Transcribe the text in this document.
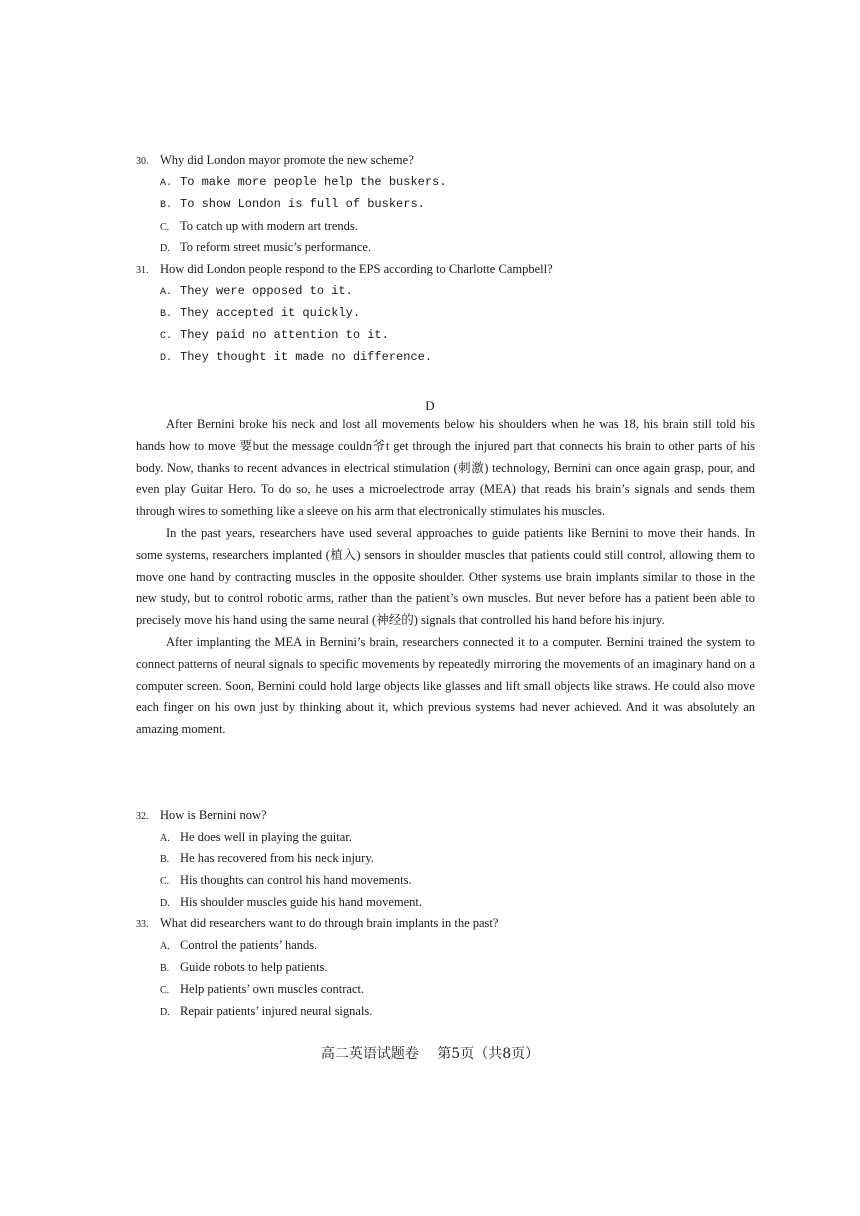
30. Why did London mayor promote the new scheme?
A. To make more people help the buskers.
B. To show London is full of buskers.
C. To catch up with modern art trends.
D. To reform street music’s performance.
31. How did London people respond to the EPS according to Charlotte Campbell?
A. They were opposed to it.
B. They accepted it quickly.
C. They paid no attention to it.
D. They thought it made no difference.
D

After Bernini broke his neck and lost all movements below his shoulders when he was 18, his brain still told his hands how to move 要but the message couldn爷t get through the injured part that connects his brain to other parts of his body. Now, thanks to recent advances in electrical stimulation (刺激) technology, Bernini can once again grasp, pour, and even play Guitar Hero. To do so, he uses a microelectrode array (MEA) that reads his brain’s signals and sends them through wires to something like a sleeve on his arm that electronically stimulates his muscles.

In the past years, researchers have used several approaches to guide patients like Bernini to move their hands. In some systems, researchers implanted (植入) sensors in shoulder muscles that patients could still control, allowing them to move one hand by contracting muscles in the opposite shoulder. Other systems use brain implants similar to those in the new study, but to control robotic arms, rather than the patient’s own muscles. But never before has a patient been able to precisely move his hand using the same neural (神经的) signals that controlled his hand before his injury.

After implanting the MEA in Bernini’s brain, researchers connected it to a computer. Bernini trained the system to connect patterns of neural signals to specific movements by repeatedly mirroring the movements of an imaginary hand on a computer screen. Soon, Bernini could hold large objects like glasses and lift small objects like straws. He could also move each finger on his own just by thinking about it, which previous systems had never achieved. And it was absolutely an amazing moment.

32. How is Bernini now?
A. He does well in playing the guitar.
B. He has recovered from his neck injury.
C. His thoughts can control his hand movements.
D. His shoulder muscles guide his hand movement.
33. What did researchers want to do through brain implants in the past?
A. Control the patients’ hands.
B. Guide robots to help patients.
C. Help patients’ own muscles contract.
D. Repair patients’ injured neural signals.
高二英语试题卷　 第5页（共8页）
